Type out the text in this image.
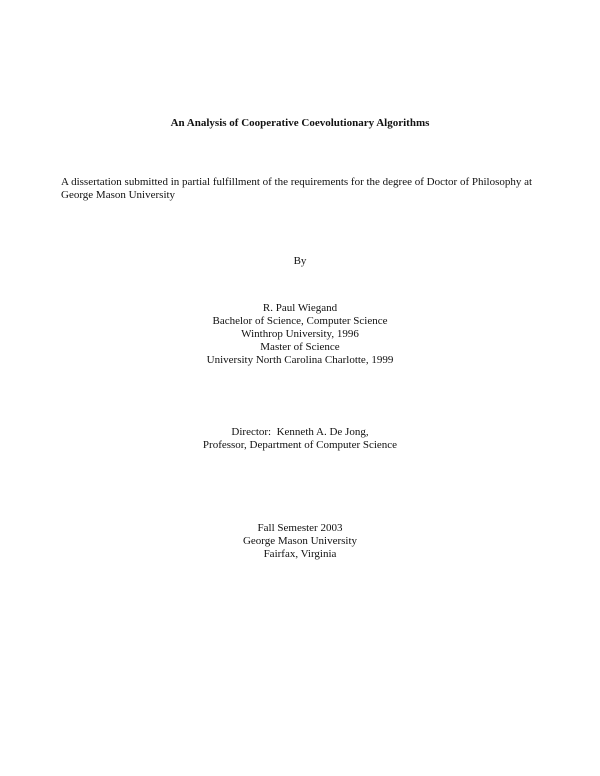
An Analysis of Cooperative Coevolutionary Algorithms
A dissertation submitted in partial fulfillment of the requirements for the degree of Doctor of Philosophy at
George Mason University
By
R. Paul Wiegand
Bachelor of Science, Computer Science
Winthrop University, 1996
Master of Science
University North Carolina Charlotte, 1999
Director:  Kenneth A. De Jong,
Professor, Department of Computer Science
Fall Semester 2003
George Mason University
Fairfax, Virginia
